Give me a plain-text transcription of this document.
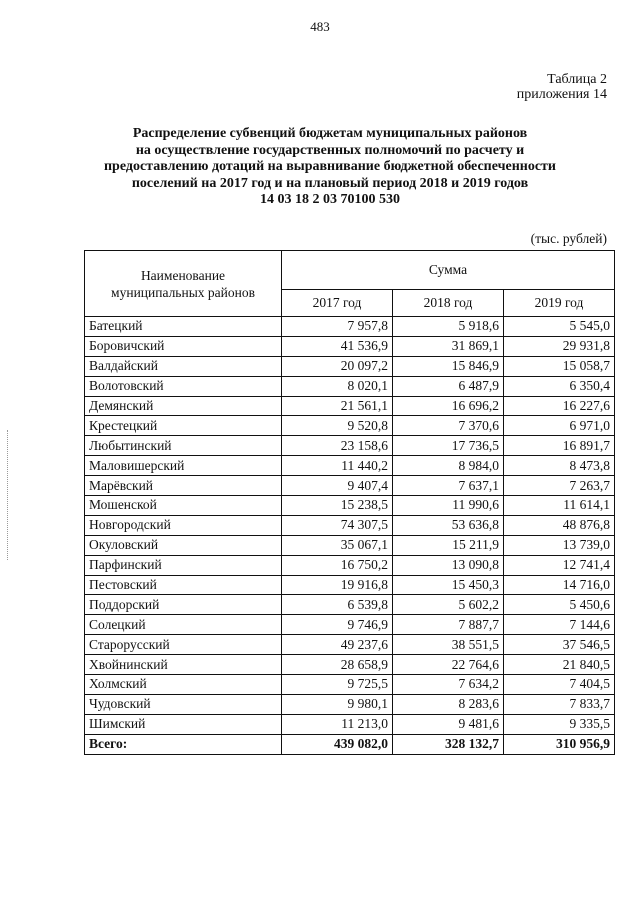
483
Таблица 2
приложения 14
Распределение субвенций бюджетам муниципальных районов
на осуществление государственных полномочий по расчету и
предоставлению дотаций на выравнивание бюджетной обеспеченности
поселений на 2017 год и на плановый период 2018 и 2019 годов
14 03 18 2 03 70100 530
(тыс. рублей)
Наименование
муниципальных районов	Сумма		
	2017 год	2018 год	2019 год
Батецкий	7 957,8	5 918,6	5 545,0
Боровичский	41 536,9	31 869,1	29 931,8
Валдайский	20 097,2	15 846,9	15 058,7
Волотовский	8 020,1	6 487,9	6 350,4
Демянский	21 561,1	16 696,2	16 227,6
Крестецкий	9 520,8	7 370,6	6 971,0
Любытинский	23 158,6	17 736,5	16 891,7
Маловишерский	11 440,2	8 984,0	8 473,8
Марёвский	9 407,4	7 637,1	7 263,7
Мошенской	15 238,5	11 990,6	11 614,1
Новгородский	74 307,5	53 636,8	48 876,8
Окуловский	35 067,1	15 211,9	13 739,0
Парфинский	16 750,2	13 090,8	12 741,4
Пестовский	19 916,8	15 450,3	14 716,0
Поддорский	6 539,8	5 602,2	5 450,6
Солецкий	9 746,9	7 887,7	7 144,6
Старорусский	49 237,6	38 551,5	37 546,5
Хвойнинский	28 658,9	22 764,6	21 840,5
Холмский	9 725,5	7 634,2	7 404,5
Чудовский	9 980,1	8 283,6	7 833,7
Шимский	11 213,0	9 481,6	9 335,5
Всего:	439 082,0	328 132,7	310 956,9
